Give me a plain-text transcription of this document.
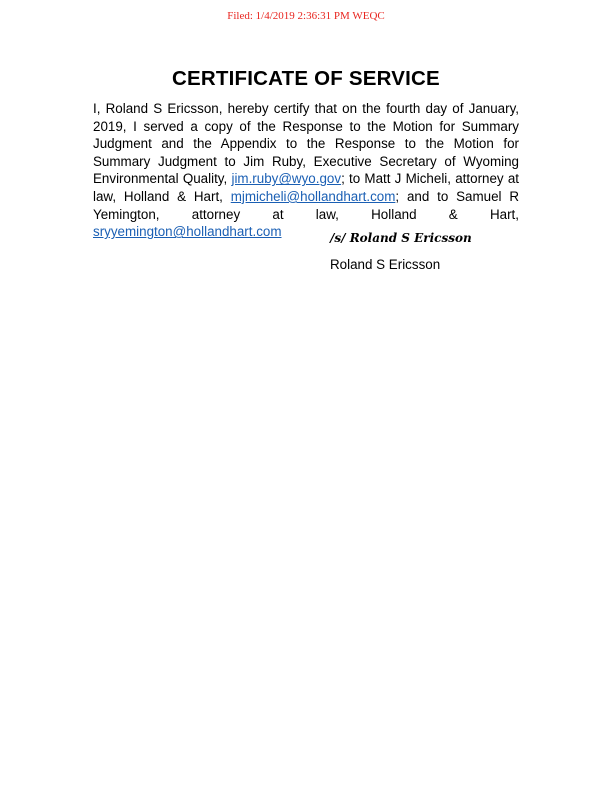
Filed: 1/4/2019 2:36:31 PM WEQC
CERTIFICATE OF SERVICE

I, Roland S Ericsson, hereby certify that on the fourth day of January, 2019, I served a copy of the Response to the Motion for Summary Judgment and the Appendix to the Response to the Motion for Summary Judgment to Jim Ruby, Executive Secretary of Wyoming Environmental Quality, jim.ruby@wyo.gov; to Matt J Micheli, attorney at law, Holland & Hart, mjmicheli@hollandhart.com; and to Samuel R Yemington, attorney at law, Holland & Hart, sryyemington@hollandhart.com	/s/ Roland S Ericsson
Roland S Ericsson
